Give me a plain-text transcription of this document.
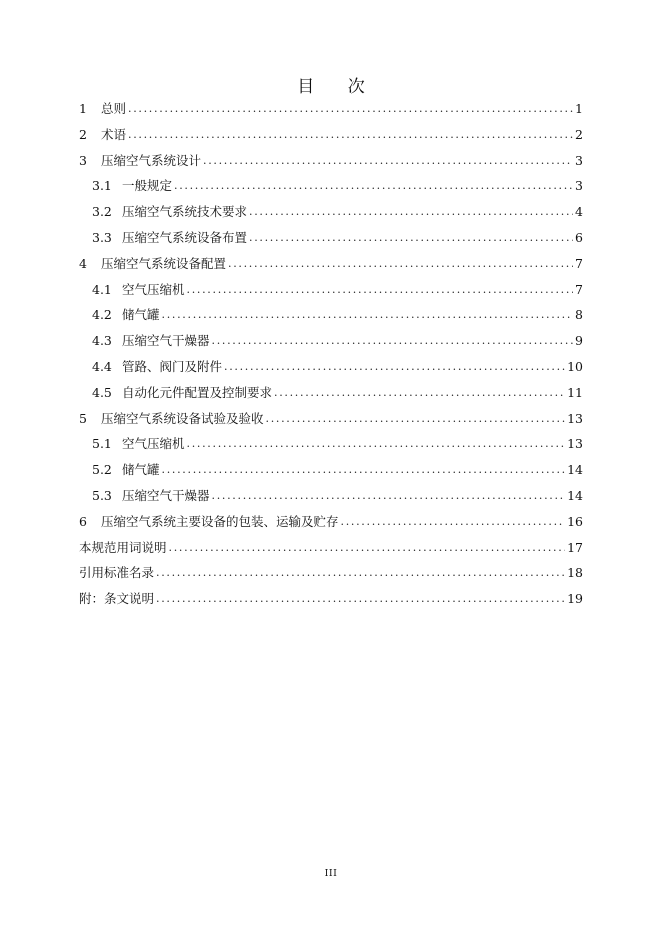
目 次
1	总则 .....	1
2	术语 .....	2
3	压缩空气系统设计 .....	3
3.1 一般规定 .....	3
3.2 压缩空气系统技术要求 .....	4
3.3 压缩空气系统设备布置 .....	6
4	压缩空气系统设备配置 .....	7
4.1 空气压缩机 .....	7
4.2 储气罐 .....	8
4.3 压缩空气干燥器 .....	9
4.4 管路、阀门及附件 .....	10
4.5 自动化元件配置及控制要求 .....	11
5	压缩空气系统设备试验及验收 .....	13
5.1 空气压缩机 .....	13
5.2 储气罐 .....	14
5.3 压缩空气干燥器 .....	14
6	压缩空气系统主要设备的包装、运输及贮存 .....	16
本规范用词说明 .....	17
引用标准名录 .....	18
附：条文说明 .....	19
III
